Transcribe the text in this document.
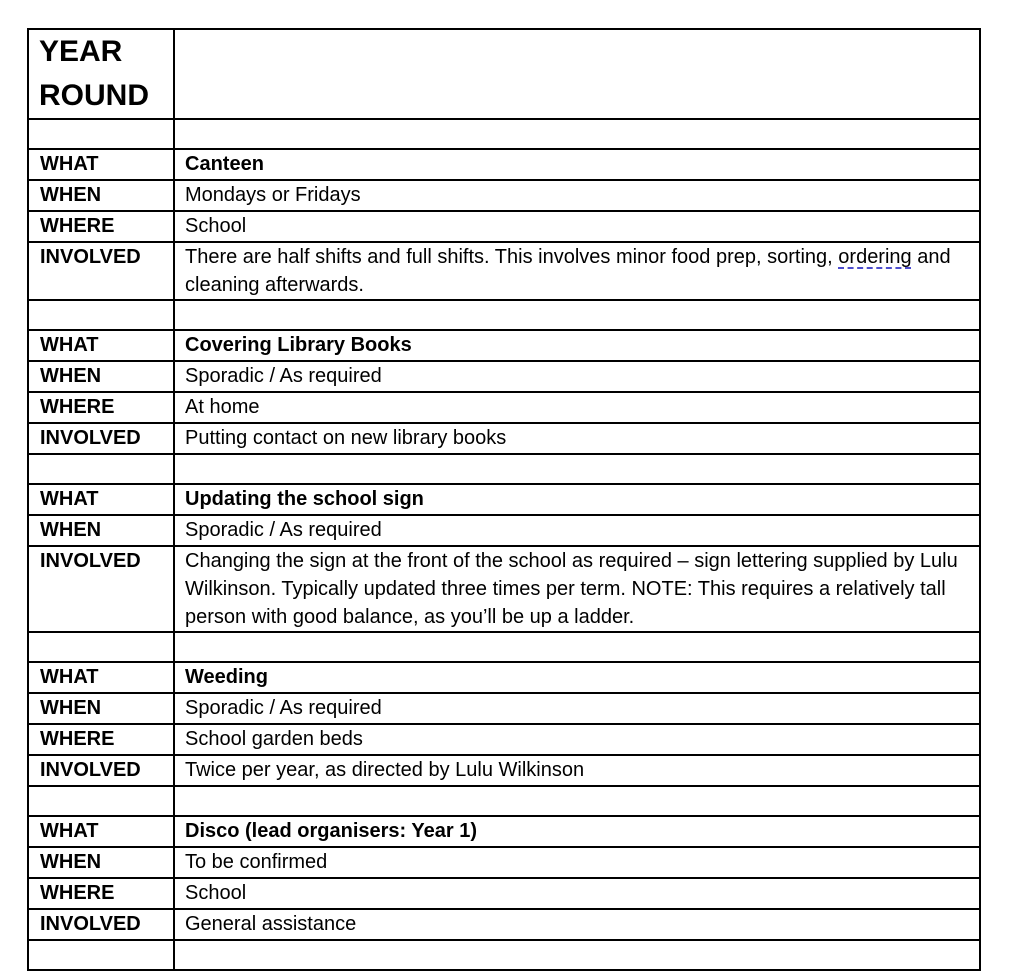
YEAR
ROUND	

WHAT	Canteen
WHEN	Mondays or Fridays
WHERE	School
INVOLVED	There are half shifts and full shifts. This involves minor food prep, sorting, ordering and cleaning afterwards.

WHAT	Covering Library Books
WHEN	Sporadic / As required
WHERE	At home
INVOLVED	Putting contact on new library books

WHAT	Updating the school sign
WHEN	Sporadic / As required
INVOLVED	Changing the sign at the front of the school as required – sign lettering supplied by Lulu Wilkinson. Typically updated three times per term. NOTE: This requires a relatively tall person with good balance, as you’ll be up a ladder.

WHAT	Weeding
WHEN	Sporadic / As required
WHERE	School garden beds
INVOLVED	Twice per year, as directed by Lulu Wilkinson

WHAT	Disco (lead organisers: Year 1)
WHEN	To be confirmed
WHERE	School
INVOLVED	General assistance
